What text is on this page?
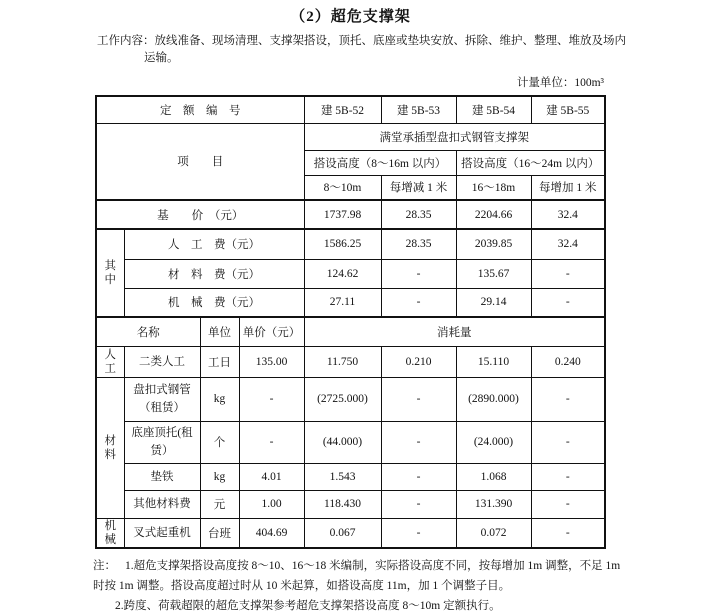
（2）超危支撑架
工作内容：放线准备、现场清理、支撑架搭设，顶托、底座或垫块安放、拆除、维护、整理、堆放及场内
运输。
计量单位：100m³
定　额　编　号				建 5B-52	建 5B-53	建 5B-54	建 5B-55
项　　目				满堂承插型盘扣式钢管支撑架			
				搭设高度（8～16m 以内）		搭设高度（16～24m 以内）	
				8～10m	每增减 1 米	16～18m	每增加 1 米
基　　价　（元）				1737.98	28.35	2204.66	32.4
其中	人　工　费（元）			1586.25	28.35	2039.85	32.4
	材　料　费（元）			124.62	-	135.67	-
	机　械　费（元）			27.11	-	29.14	-
名称		单位	单价（元）	消耗量			
人工	二类人工	工日	135.00	11.750	0.210	15.110	0.240
材料	盘扣式钢管（租赁）	kg	-	(2725.000)	-	(2890.000)	-
	底座顶托(租赁）	个	-	(44.000)	-	(24.000)	-
	垫铁	kg	4.01	1.543	-	1.068	-
	其他材料费	元	1.00	118.430	-	131.390	-
机械	叉式起重机	台班	404.69	0.067	-	0.072	-
注： 1.超危支撑架搭设高度按 8～10、16～18 米编制，实际搭设高度不同，按每增加 1m 调整，不足 1m
时按 1m 调整。搭设高度超过时从 10 米起算，如搭设高度 11m，加 1 个调整子目。
2.跨度、荷载超限的超危支撑架参考超危支撑架搭设高度 8～10m 定额执行。
